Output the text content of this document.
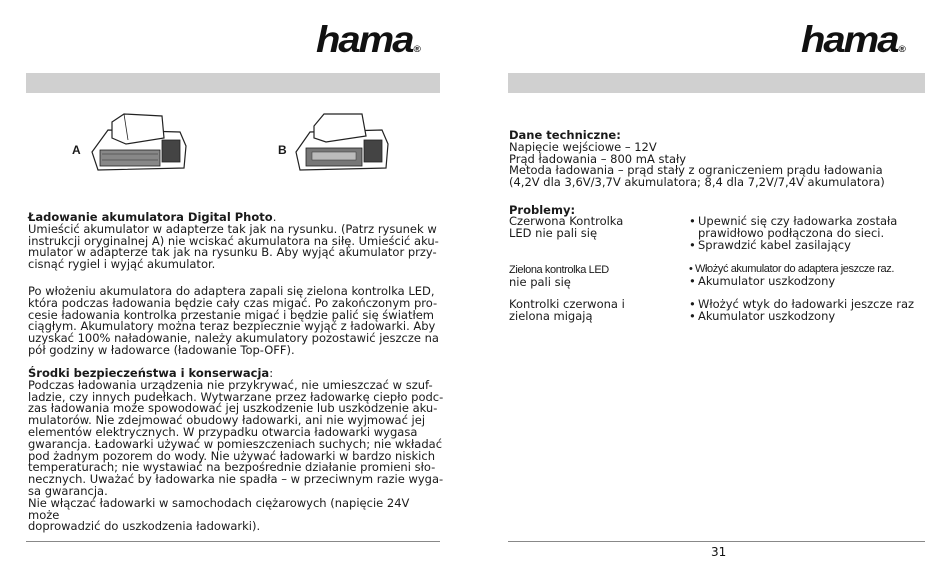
hama®
A	B
Ładowanie akumulatora Digital Photo.
Umieścić akumulator w adapterze tak jak na rysunku. (Patrz rysunek w
instrukcji oryginalnej A) nie wciskać akumulatora na siłę. Umieścić aku-
mulator w adapterze tak jak na rysunku B. Aby wyjąć akumulator przy-
cisnąć rygiel i wyjąć akumulator.
Po włożeniu akumulatora do adaptera zapali się zielona kontrolka LED,
która podczas ładowania będzie cały czas migać. Po zakończonym pro-
cesie ładowania kontrolka przestanie migać i będzie palić się światłem
ciągłym. Akumulatory można teraz bezpiecznie wyjąć z ładowarki. Aby
uzyskać 100% naładowanie, należy akumulatory pozostawić jeszcze na
pół godziny w ładowarce (ładowanie Top-OFF).
Środki bezpieczeństwa i konserwacja:
Podczas ładowania urządzenia nie przykrywać, nie umieszczać w szuf-
ladzie, czy innych pudełkach. Wytwarzane przez ładowarkę ciepło podc-
zas ładowania może spowodować jej uszkodzenie lub uszkodzenie aku-
mulatorów. Nie zdejmować obudowy ładowarki, ani nie wyjmować jej
elementów elektrycznych. W przypadku otwarcia ładowarki wygasa
gwarancja. Ładowarki używać w pomieszczeniach suchych; nie wkładać
pod żadnym pozorem do wody. Nie używać ładowarki w bardzo niskich
temperaturach; nie wystawiać na bezpośrednie działanie promieni sło-
necznych. Uważać by ładowarka nie spadła – w przeciwnym razie wyga-
sa gwarancja.
Nie włączać ładowarki w samochodach ciężarowych (napięcie 24V może
doprowadzić do uszkodzenia ładowarki).
hama®
Dane techniczne:
Napięcie wejściowe – 12V
Prąd ładowania – 800 mA stały
Metoda ładowania – prąd stały z ograniczeniem prądu ładowania
(4,2V dla 3,6V/3,7V akumulatora; 8,4 dla 7,2V/7,4V akumulatora)
Problemy:
Czerwona Kontrolka
LED nie pali się
• Upewnić się czy ładowarka została
prawidłowo podłączona do sieci.
• Sprawdzić kabel zasilający
Zielona kontrolka LED
nie pali się
• Włożyć akumulator do adaptera jeszcze raz.
• Akumulator uszkodzony
Kontrolki czerwona i
zielona migają
• Włożyć wtyk do ładowarki jeszcze raz
• Akumulator uszkodzony
31
